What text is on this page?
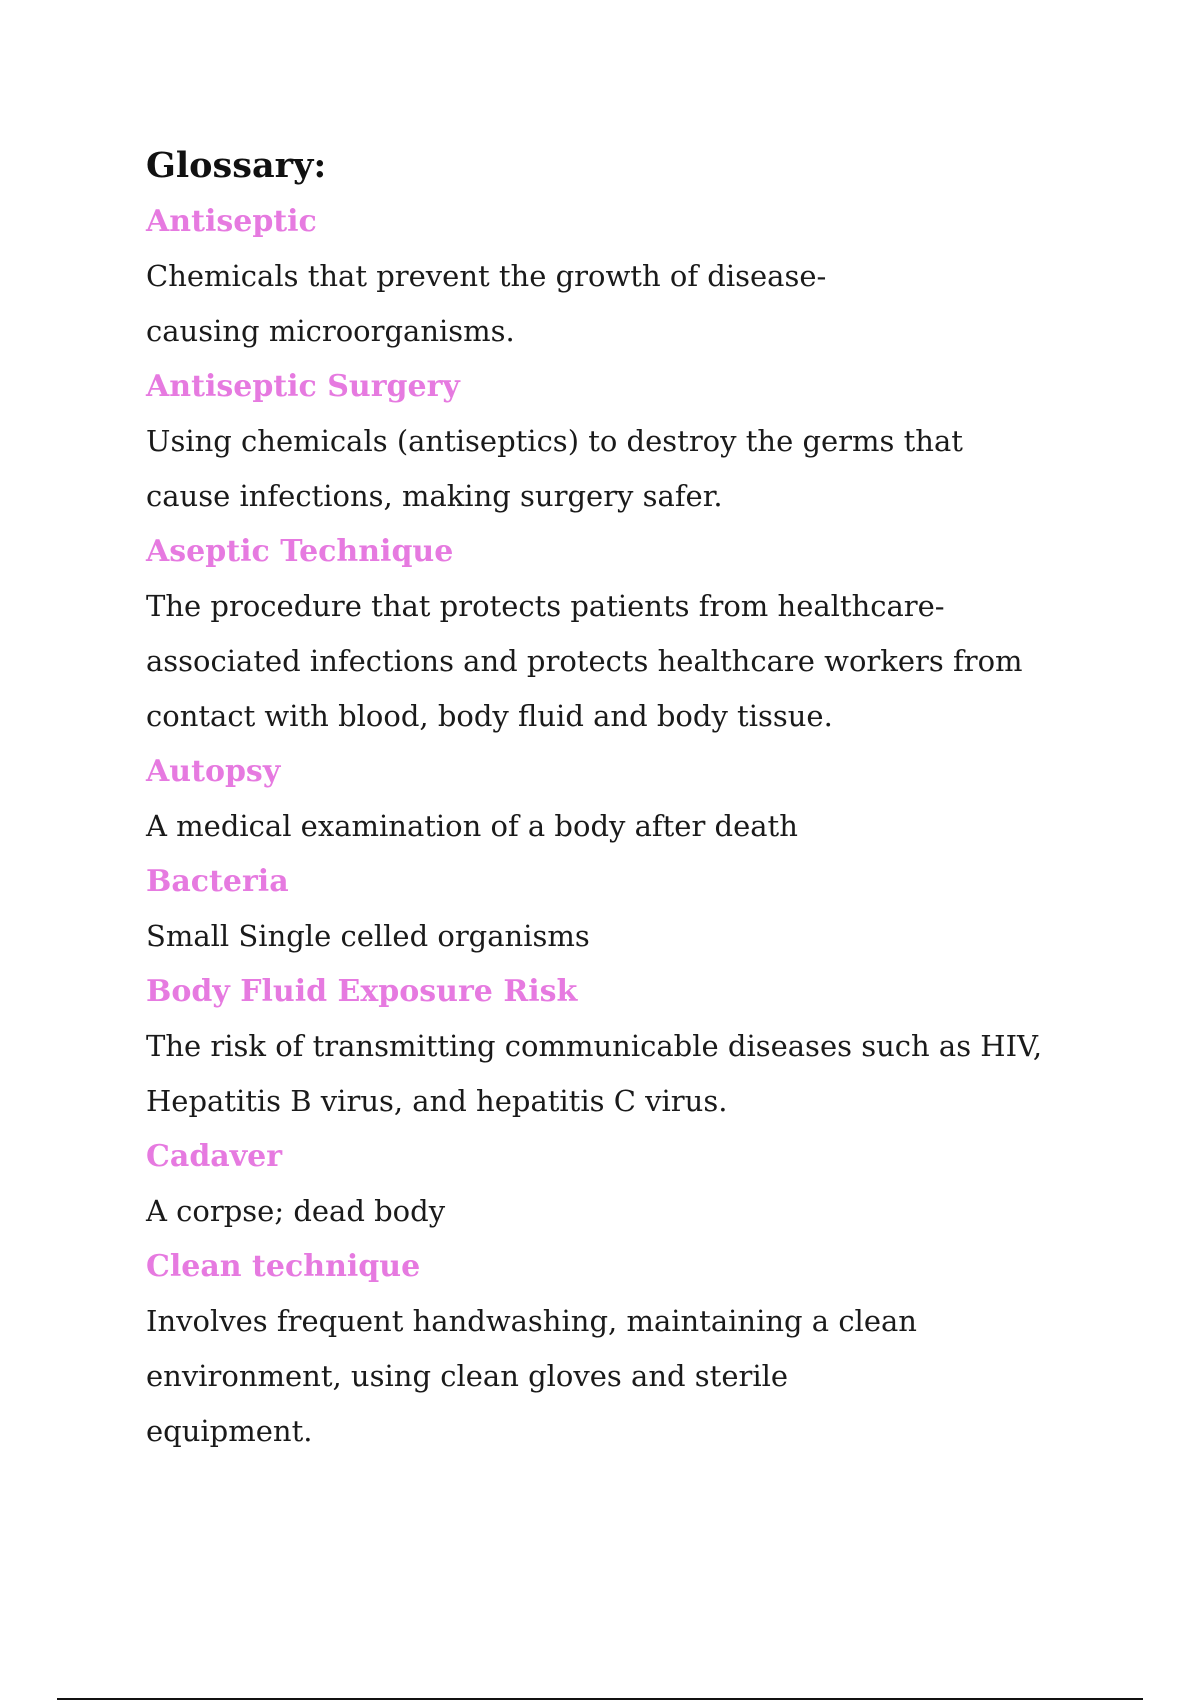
Glossary:
Antiseptic
Chemicals that prevent the growth of disease-causing microorganisms.
Antiseptic Surgery
Using chemicals (antiseptics) to destroy the germs that cause infections, making surgery safer.
Aseptic Technique
The procedure that protects patients from healthcare-associated infections and protects healthcare workers from contact with blood, body fluid and body tissue.
Autopsy
A medical examination of a body after death
Bacteria
Small Single celled organisms
Body Fluid Exposure Risk
The risk of transmitting communicable diseases such as HIV, Hepatitis B virus, and hepatitis C virus.
Cadaver
A corpse; dead body
Clean technique
Involves frequent handwashing, maintaining a clean environment, using clean gloves and sterile equipment.
